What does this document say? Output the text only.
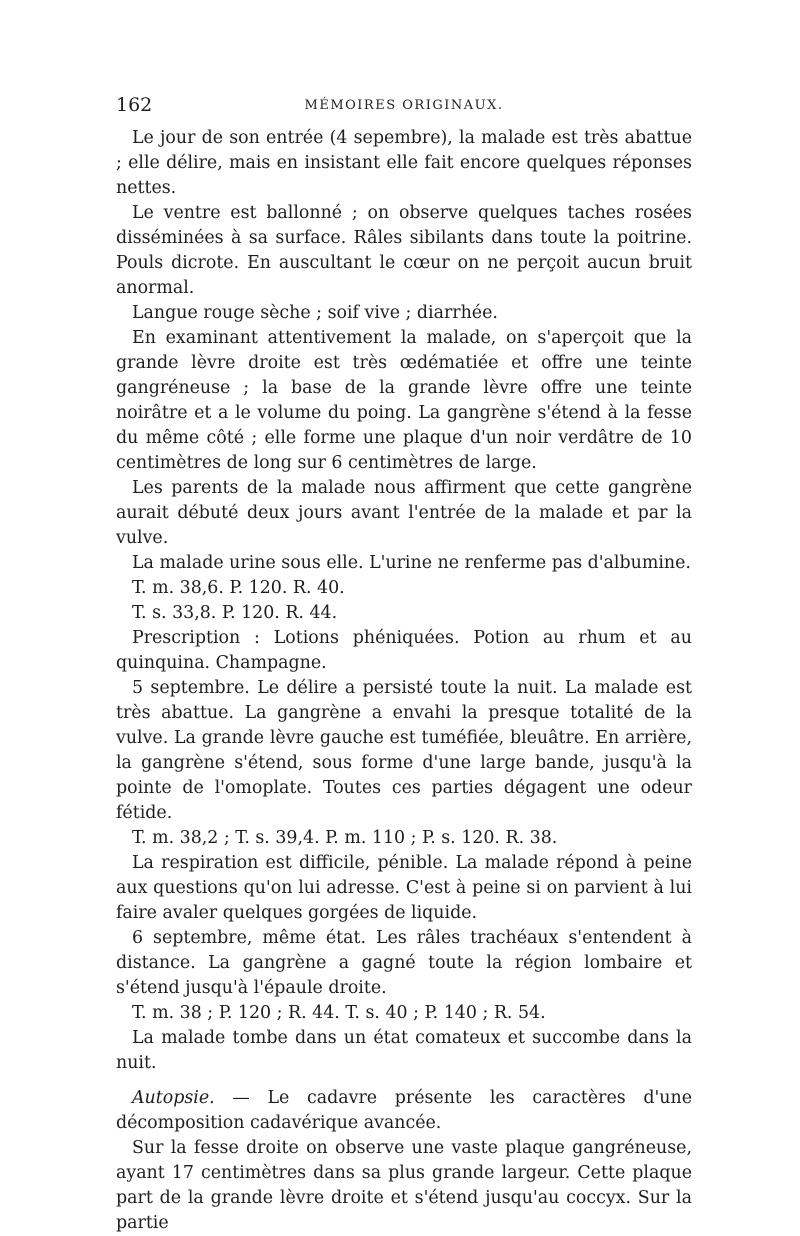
162	MÉMOIRES ORIGINAUX.

Le jour de son entrée (4 sepembre), la malade est très abattue ; elle délire, mais en insistant elle fait encore quelques réponses nettes.

Le ventre est ballonné ; on observe quelques taches rosées disséminées à sa surface. Râles sibilants dans toute la poitrine. Pouls dicrote. En auscultant le cœur on ne perçoit aucun bruit anormal.

Langue rouge sèche ; soif vive ; diarrhée.

En examinant attentivement la malade, on s'aperçoit que la grande lèvre droite est très œdématiée et offre une teinte gangréneuse ; la base de la grande lèvre offre une teinte noirâtre et a le volume du poing. La gangrène s'étend à la fesse du même côté ; elle forme une plaque d'un noir verdâtre de 10 centimètres de long sur 6 centimètres de large.

Les parents de la malade nous affirment que cette gangrène aurait débuté deux jours avant l'entrée de la malade et par la vulve.

La malade urine sous elle. L'urine ne renferme pas d'albumine.

T. m. 38,6. P. 120. R. 40.

T. s. 33,8. P. 120. R. 44.

Prescription : Lotions phéniquées. Potion au rhum et au quinquina. Champagne.

5 septembre. Le délire a persisté toute la nuit. La malade est très abattue. La gangrène a envahi la presque totalité de la vulve. La grande lèvre gauche est tuméfiée, bleuâtre. En arrière, la gangrène s'étend, sous forme d'une large bande, jusqu'à la pointe de l'omoplate. Toutes ces parties dégagent une odeur fétide.

T. m. 38,2 ; T. s. 39,4. P. m. 110 ; P. s. 120. R. 38.

La respiration est difficile, pénible. La malade répond à peine aux questions qu'on lui adresse. C'est à peine si on parvient à lui faire avaler quelques gorgées de liquide.

6 septembre, même état. Les râles trachéaux s'entendent à distance. La gangrène a gagné toute la région lombaire et s'étend jusqu'à l'épaule droite.

T. m. 38 ; P. 120 ; R. 44. T. s. 40 ; P. 140 ; R. 54.

La malade tombe dans un état comateux et succombe dans la nuit.

Autopsie. — Le cadavre présente les caractères d'une décomposition cadavérique avancée.

Sur la fesse droite on observe une vaste plaque gangréneuse, ayant 17 centimètres dans sa plus grande largeur. Cette plaque part de la grande lèvre droite et s'étend jusqu'au coccyx. Sur la partie
